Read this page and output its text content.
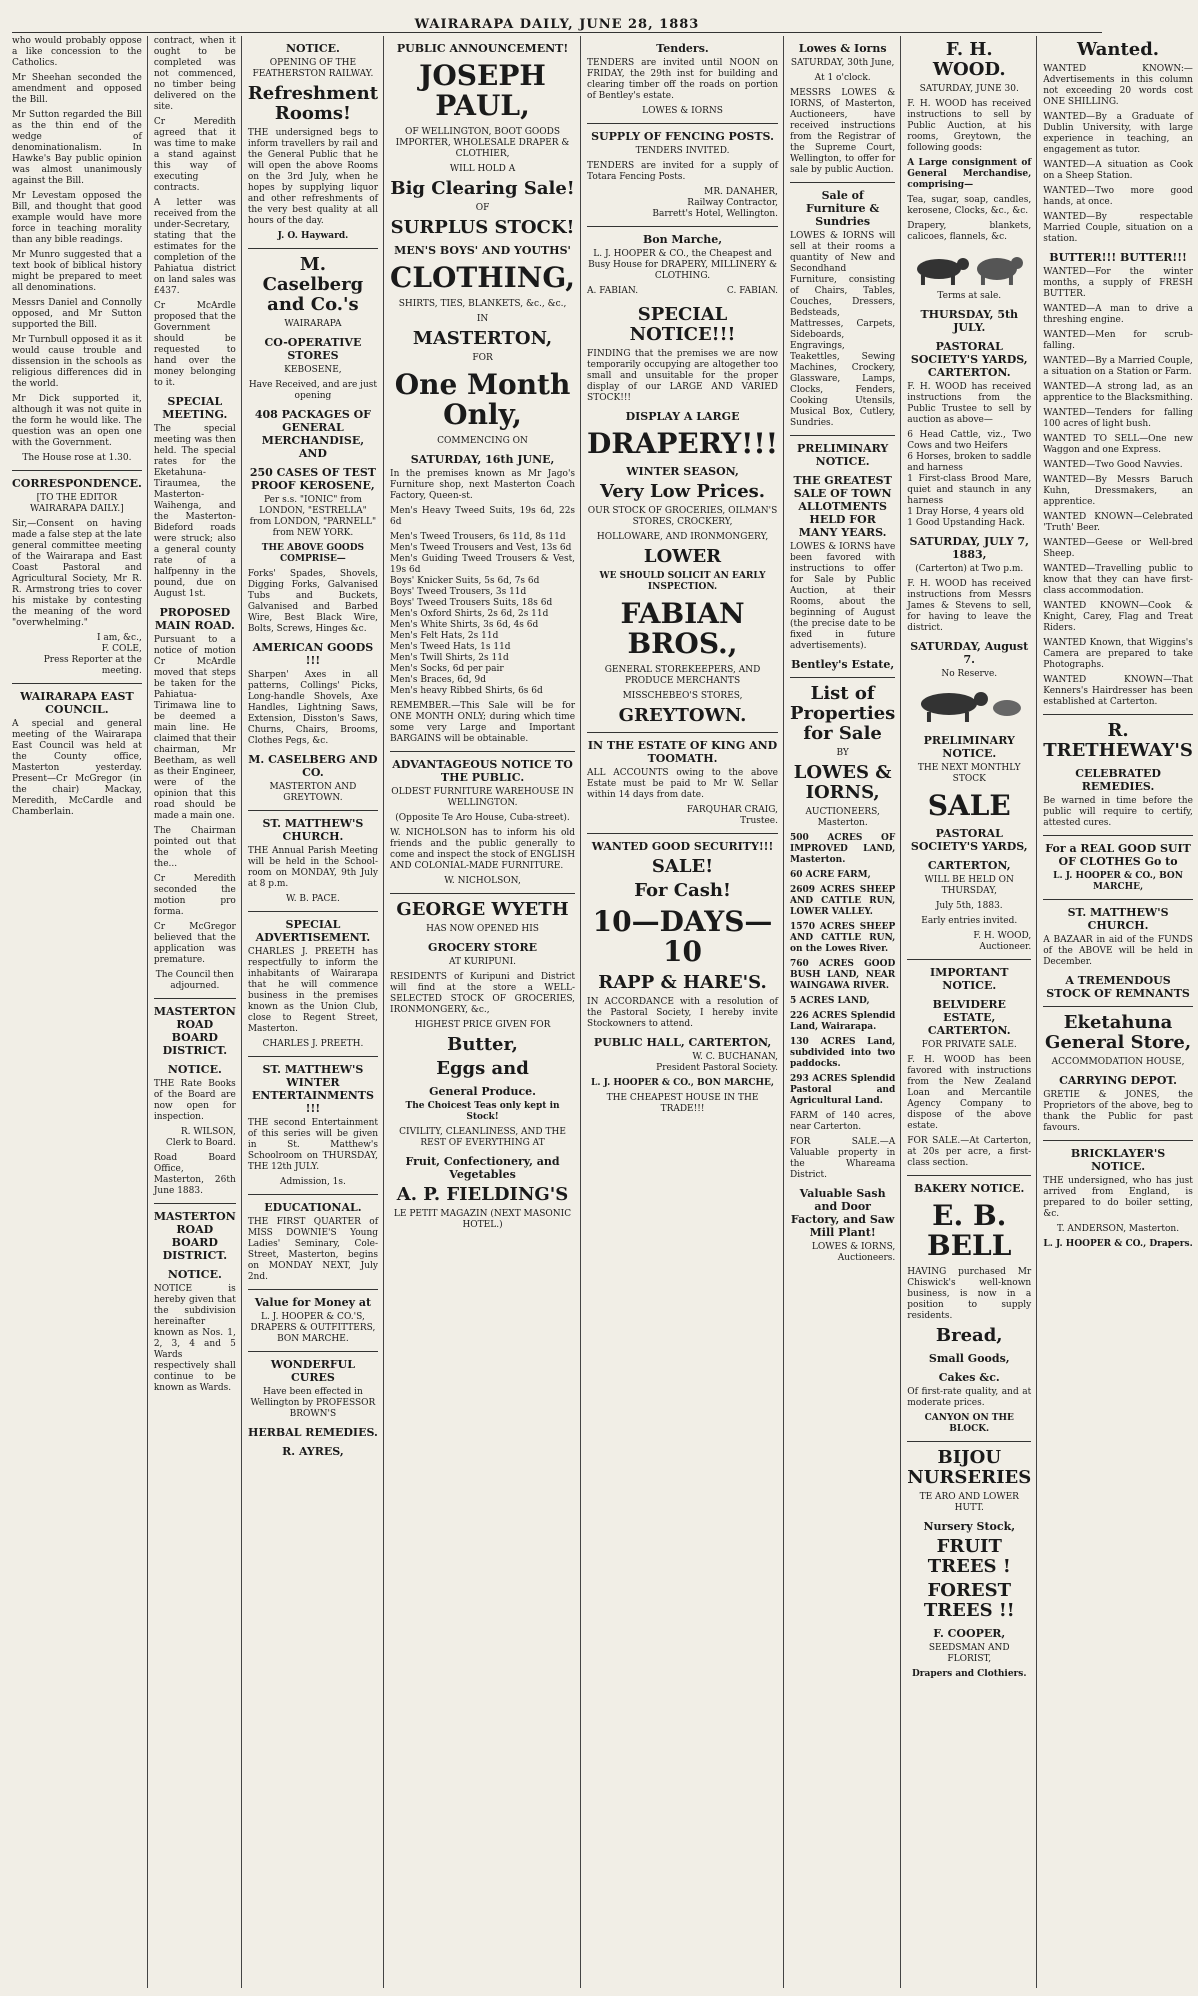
WAIRARAPA DAILY, JUNE 28, 1883

who would probably oppose a like concession to the Catholics.

Mr Sheehan seconded the amendment and opposed the Bill.

Mr Sutton regarded the Bill as the thin end of the wedge of denominationalism. In Hawke's Bay public opinion was almost unanimously against the Bill.

Mr Levestam opposed the Bill, and thought that good example would have more force in teaching morality than any bible readings.

Mr Munro suggested that a text book of biblical history might be prepared to meet all denominations.

Messrs Daniel and Connolly opposed, and Mr Sutton supported the Bill.

Mr Turnbull opposed it as it would cause trouble and dissension in the schools as religious differences did in the world.

Mr Dick supported it, although it was not quite in the form he would like. The question was an open one with the Government.

The House rose at 1.30.

CORRESPONDENCE.

[TO THE EDITOR WAIRARAPA DAILY.]

Sir,—Consent on having made a false step at the late general committee meeting of the Wairarapa and East Coast Pastoral and Agricultural Society, Mr R. R. Armstrong tries to cover his mistake by contesting the meaning of the word "overwhelming."

I am, &c.,
F. COLE,
Press Reporter at the meeting.

WAIRARAPA EAST COUNCIL.

A special and general meeting of the Wairarapa East Council was held at the County office, Masterton yesterday. Present—Cr McGregor (in the chair) Mackay, Meredith, McCardle and Chamberlain.

contract, when it ought to be completed was not commenced, no timber being delivered on the site.

Cr Meredith agreed that it was time to make a stand against this way of executing contracts.

A letter was received from the under-Secretary, stating that the estimates for the completion of the Pahiatua district on land sales was £437.

Cr McArdle proposed that the Government should be requested to hand over the money belonging to it.

SPECIAL MEETING.

The special meeting was then held. The special rates for the Eketahuna-Tiraumea, the Masterton-Waihenga, and the Masterton-Bideford roads were struck; also a general county rate of a halfpenny in the pound, due on August 1st.

PROPOSED MAIN ROAD.

Pursuant to a notice of motion Cr McArdle moved that steps be taken for the Pahiatua-Tirimawa line to be deemed a main line. He claimed that their chairman, Mr Beetham, as well as their Engineer, were of the opinion that this road should be made a main one.

The Chairman pointed out that the whole of the...

Cr Meredith seconded the motion pro forma.

Cr McGregor believed that the application was premature.

The Council then adjourned.

MASTERTON ROAD BOARD DISTRICT.
NOTICE.

THE Rate Books of the Board are now open for inspection.

R. WILSON,
Clerk to Board.

Road Board Office, Masterton, 26th June 1883.

MASTERTON ROAD BOARD DISTRICT.
NOTICE.

NOTICE is hereby given that the subdivision hereinafter known as Nos. 1, 2, 3, 4 and 5 Wards respectively shall continue to be known as Wards.

NOTICE.

OPENING OF THE FEATHERSTON RAILWAY.

Refreshment Rooms!

THE undersigned begs to inform travellers by rail and the General Public that he will open the above Rooms on the 3rd July, when he hopes by supplying liquor and other refreshments of the very best quality at all hours of the day.

J. O. Hayward.

M. Caselberg and Co.'s

WAIRARAPA

CO-OPERATIVE STORES

KEBOSENE,

Have Received, and are just opening

408 PACKAGES OF GENERAL MERCHANDISE, AND
250 CASES OF TEST PROOF KEROSENE,

Per s.s. "IONIC" from LONDON, "ESTRELLA" from LONDON, "PARNELL" from NEW YORK.

THE ABOVE GOODS COMPRISE—

Forks' Spades, Shovels, Digging Forks, Galvanised Tubs and Buckets, Galvanised and Barbed Wire, Best Black Wire, Bolts, Screws, Hinges &c.

AMERICAN GOODS !!!

Sharpen' Axes in all patterns, Collings' Picks, Long-handle Shovels, Axe Handles, Lightning Saws, Extension, Disston's Saws, Churns, Chairs, Brooms, Clothes Pegs, &c.

M. CASELBERG AND CO.

MASTERTON AND GREYTOWN.

ST. MATTHEW'S CHURCH.

THE Annual Parish Meeting will be held in the School-room on MONDAY, 9th July at 8 p.m.

W. B. PACE.

SPECIAL ADVERTISEMENT.

CHARLES J. PREETH has respectfully to inform the inhabitants of Wairarapa that he will commence business in the premises known as the Union Club, close to Regent Street, Masterton.

CHARLES J. PREETH.

ST. MATTHEW'S WINTER ENTERTAINMENTS !!!

THE second Entertainment of this series will be given in St. Matthew's Schoolroom on THURSDAY, THE 12th JULY.

Admission, 1s.

EDUCATIONAL.

THE FIRST QUARTER of MISS DOWNIE'S Young Ladies' Seminary, Cole-Street, Masterton, begins on MONDAY NEXT, July 2nd.

Value for Money at

L. J. HOOPER & CO.'S, DRAPERS & OUTFITTERS, BON MARCHE.

WONDERFUL CURES

Have been effected in Wellington by PROFESSOR BROWN'S

HERBAL REMEDIES.
R. AYRES,
PUBLIC ANNOUNCEMENT!
JOSEPH PAUL,

OF WELLINGTON, BOOT GOODS IMPORTER, WHOLESALE DRAPER & CLOTHIER,

WILL HOLD A

Big Clearing Sale!

OF

SURPLUS STOCK!
MEN'S BOYS' AND YOUTHS'
CLOTHING,

SHIRTS, TIES, BLANKETS, &c., &c.,

IN

MASTERTON,

FOR

One Month Only,

COMMENCING ON

SATURDAY, 16th JUNE,

In the premises known as Mr Jago's Furniture shop, next Masterton Coach Factory, Queen-st.

Men's Heavy Tweed Suits, 19s 6d, 22s 6d

Men's Tweed Trousers, 6s 11d, 8s 11d
Men's Tweed Trousers and Vest, 13s 6d
Men's Guiding Tweed Trousers & Vest, 19s 6d
Boys' Knicker Suits, 5s 6d, 7s 6d
Boys' Tweed Trousers, 3s 11d
Boys' Tweed Trousers Suits, 18s 6d
Men's Oxford Shirts, 2s 6d, 2s 11d
Men's White Shirts, 3s 6d, 4s 6d
Men's Felt Hats, 2s 11d
Men's Tweed Hats, 1s 11d
Men's Twill Shirts, 2s 11d
Men's Socks, 6d per pair
Men's Braces, 6d, 9d
Men's heavy Ribbed Shirts, 6s 6d

REMEMBER.—This Sale will be for ONE MONTH ONLY; during which time some very Large and Important BARGAINS will be obtainable.

ADVANTAGEOUS NOTICE TO THE PUBLIC.

OLDEST FURNITURE WAREHOUSE IN WELLINGTON.

(Opposite Te Aro House, Cuba-street).

W. NICHOLSON has to inform his old friends and the public generally to come and inspect the stock of ENGLISH AND COLONIAL-MADE FURNITURE.

W. NICHOLSON,

GEORGE WYETH

HAS NOW OPENED HIS

GROCERY STORE

AT KURIPUNI.

RESIDENTS of Kuripuni and District will find at the store a WELL-SELECTED STOCK OF GROCERIES, IRONMONGERY, &c.,

HIGHEST PRICE GIVEN FOR

Butter,
Eggs and
General Produce.

The Choicest Teas only kept in Stock!

CIVILITY, CLEANLINESS, AND THE REST OF EVERYTHING AT

Fruit, Confectionery, and Vegetables
A. P. FIELDING'S

LE PETIT MAGAZIN (NEXT MASONIC HOTEL.)

Tenders.

TENDERS are invited until NOON on FRIDAY, the 29th inst for building and clearing timber off the roads on portion of Bentley's estate.

LOWES & IORNS

SUPPLY OF FENCING POSTS.

TENDERS INVITED.

TENDERS are invited for a supply of Totara Fencing Posts.

MR. DANAHER,
Railway Contractor,
Barrett's Hotel, Wellington.

Bon Marche,

L. J. HOOPER & CO., the Cheapest and Busy House for DRAPERY, MILLINERY & CLOTHING.

A. FABIAN.	C. FABIAN.
SPECIAL NOTICE!!!

FINDING that the premises we are now temporarily occupying are altogether too small and unsuitable for the proper display of our LARGE AND VARIED STOCK!!!

DISPLAY A LARGE
DRAPERY!!!
WINTER SEASON,
Very Low Prices.

OUR STOCK OF GROCERIES, OILMAN'S STORES, CROCKERY,

HOLLOWARE, AND IRONMONGERY,

LOWER

WE SHOULD SOLICIT AN EARLY INSPECTION.

FABIAN BROS.,

GENERAL STOREKEEPERS, AND PRODUCE MERCHANTS

MISSCHEBEO'S STORES,

GREYTOWN.
IN THE ESTATE OF KING AND TOOMATH.

ALL ACCOUNTS owing to the above Estate must be paid to Mr W. Sellar within 14 days from date.

FARQUHAR CRAIG,
Trustee.

WANTED GOOD SECURITY!!!
SALE!
For Cash!
10—DAYS—10
RAPP & HARE'S.

IN ACCORDANCE with a resolution of the Pastoral Society, I hereby invite Stockowners to attend.

PUBLIC HALL, CARTERTON,

W. C. BUCHANAN,
President Pastoral Society.

L. J. HOOPER & CO., BON MARCHE,

THE CHEAPEST HOUSE IN THE TRADE!!!

Lowes & Iorns

SATURDAY, 30th June,

At 1 o'clock.

MESSRS LOWES & IORNS, of Masterton, Auctioneers, have received instructions from the Registrar of the Supreme Court, Wellington, to offer for sale by public Auction.

Sale of Furniture & Sundries

LOWES & IORNS will sell at their rooms a quantity of New and Secondhand Furniture, consisting of Chairs, Tables, Couches, Dressers, Bedsteads, Mattresses, Carpets, Sideboards, Engravings, Teakettles, Sewing Machines, Crockery, Glassware, Lamps, Clocks, Fenders, Cooking Utensils, Musical Box, Cutlery, Sundries.

PRELIMINARY NOTICE.
THE GREATEST SALE OF TOWN ALLOTMENTS HELD FOR MANY YEARS.

LOWES & IORNS have been favored with instructions to offer for Sale by Public Auction, at their Rooms, about the beginning of August (the precise date to be fixed in future advertisements).

Bentley's Estate,
List of Properties for Sale

BY

LOWES & IORNS,

AUCTIONEERS, Masterton.

500 ACRES OF IMPROVED LAND, Masterton.

60 ACRE FARM,

2609 ACRES SHEEP AND CATTLE RUN, LOWER VALLEY.

1570 ACRES SHEEP AND CATTLE RUN, on the Lowes River.

760 ACRES GOOD BUSH LAND, NEAR WAINGAWA RIVER.

5 ACRES LAND,

226 ACRES Splendid Land, Wairarapa.

130 ACRES Land, subdivided into two paddocks.

293 ACRES Splendid Pastoral and Agricultural Land.

FARM of 140 acres, near Carterton.

FOR SALE.—A Valuable property in the Whareama District.

Valuable Sash and Door Factory, and Saw Mill Plant!

LOWES & IORNS,
Auctioneers.

F. H. WOOD.

SATURDAY, JUNE 30.

F. H. WOOD has received instructions to sell by Public Auction, at his rooms, Greytown, the following goods:

A Large consignment of General Merchandise, comprising—

Tea, sugar, soap, candles, kerosene, Clocks, &c., &c.

Drapery, blankets, calicoes, flannels, &c.

Terms at sale.

THURSDAY, 5th JULY.
PASTORAL SOCIETY'S YARDS, CARTERTON.

F. H. WOOD has received instructions from the Public Trustee to sell by auction as above—

6 Head Cattle, viz., Two Cows and two Heifers
6 Horses, broken to saddle and harness
1 First-class Brood Mare, quiet and staunch in any harness
1 Dray Horse, 4 years old
1 Good Upstanding Hack.

SATURDAY, JULY 7, 1883,

(Carterton) at Two p.m.

F. H. WOOD has received instructions from Messrs James & Stevens to sell, for having to leave the district.

SATURDAY, August 7.

No Reserve.

PRELIMINARY NOTICE.

THE NEXT MONTHLY STOCK

SALE
PASTORAL SOCIETY'S YARDS,
CARTERTON,

WILL BE HELD ON THURSDAY,

July 5th, 1883.

Early entries invited.

F. H. WOOD,
Auctioneer.

IMPORTANT NOTICE.
BELVIDERE ESTATE, CARTERTON.

FOR PRIVATE SALE.

F. H. WOOD has been favored with instructions from the New Zealand Loan and Mercantile Agency Company to dispose of the above estate.

FOR SALE.—At Carterton, at 20s per acre, a first-class section.

BAKERY NOTICE.
E. B. BELL

HAVING purchased Mr Chiswick's well-known business, is now in a position to supply residents.

Bread,
Small Goods,
Cakes &c.

Of first-rate quality, and at moderate prices.

CANYON ON THE BLOCK.

BIJOU NURSERIES

TE ARO AND LOWER HUTT.

Nursery Stock,
FRUIT TREES !
FOREST TREES !!
F. COOPER,

SEEDSMAN AND FLORIST,

Drapers and Clothiers.

Wanted.

WANTED KNOWN:—Advertisements in this column not exceeding 20 words cost ONE SHILLING.

WANTED—By a Graduate of Dublin University, with large experience in teaching, an engagement as tutor.

WANTED—A situation as Cook on a Sheep Station.

WANTED—Two more good hands, at once.

WANTED—By respectable Married Couple, situation on a station.

BUTTER!!! BUTTER!!!

WANTED—For the winter months, a supply of FRESH BUTTER.

WANTED—A man to drive a threshing engine.

WANTED—Men for scrub-falling.

WANTED—By a Married Couple, a situation on a Station or Farm.

WANTED—A strong lad, as an apprentice to the Blacksmithing.

WANTED—Tenders for falling 100 acres of light bush.

WANTED TO SELL—One new Waggon and one Express.

WANTED—Two Good Navvies.

WANTED—By Messrs Baruch Kuhn, Dressmakers, an apprentice.

WANTED KNOWN—Celebrated 'Truth' Beer.

WANTED—Geese or Well-bred Sheep.

WANTED—Travelling public to know that they can have first-class accommodation.

WANTED KNOWN—Cook & Knight, Carey, Flag and Treat Riders.

WANTED Known, that Wiggins's Camera are prepared to take Photographs.

WANTED KNOWN—That Kenners's Hairdresser has been established at Carterton.

R. TRETHEWAY'S
CELEBRATED REMEDIES.

Be warned in time before the public will require to certify, attested cures.

For a REAL GOOD SUIT OF CLOTHES Go to

L. J. HOOPER & CO., BON MARCHE,

ST. MATTHEW'S CHURCH.

A BAZAAR in aid of the FUNDS of the ABOVE will be held in December.

A TREMENDOUS STOCK OF REMNANTS
Eketahuna General Store,

ACCOMMODATION HOUSE,

CARRYING DEPOT.

GRETIE & JONES, the Proprietors of the above, beg to thank the Public for past favours.

BRICKLAYER'S NOTICE.

THE undersigned, who has just arrived from England, is prepared to do boiler setting, &c.

T. ANDERSON, Masterton.

L. J. HOOPER & CO., Drapers.
